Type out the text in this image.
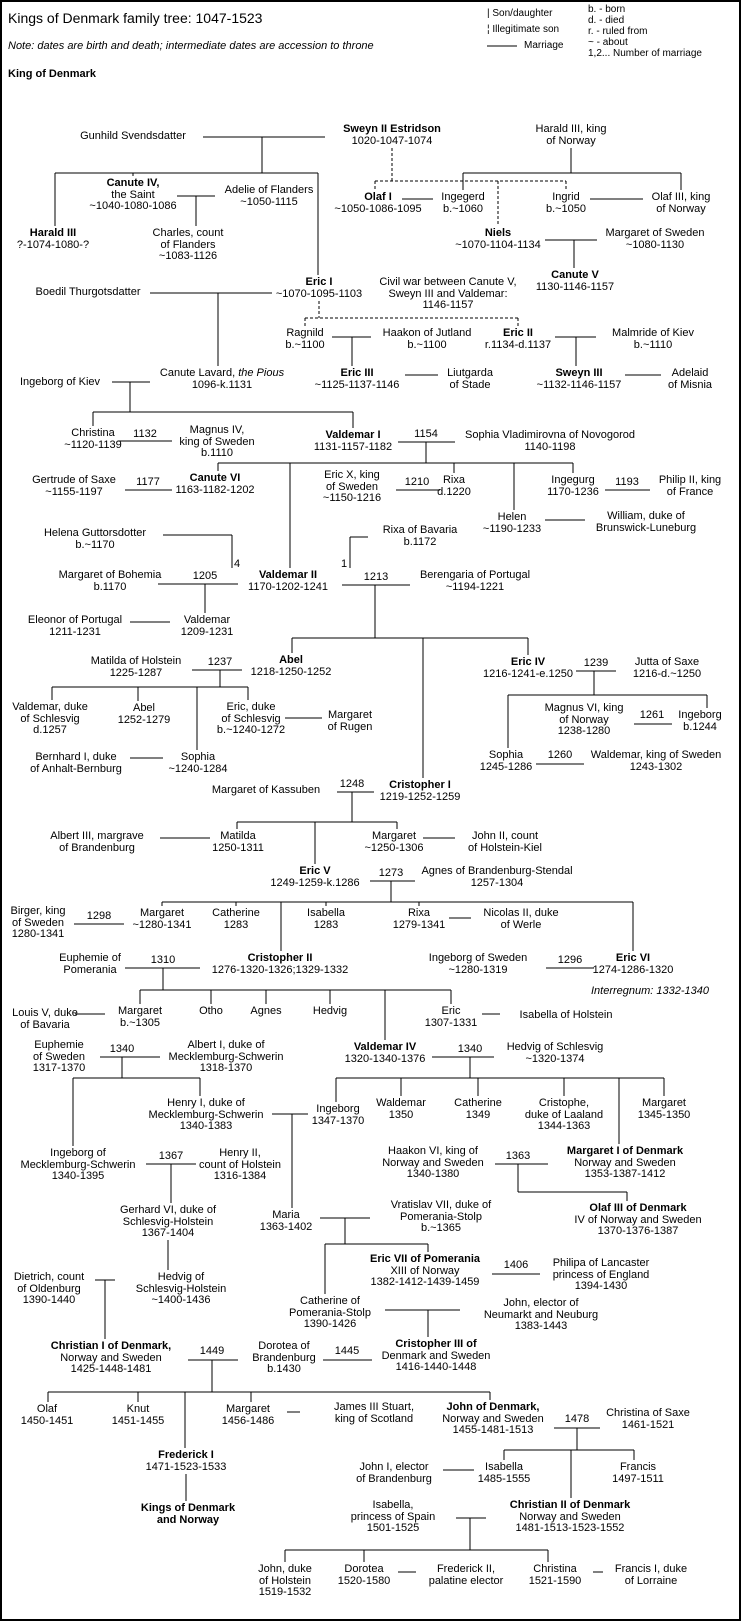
Kings of Denmark family tree: 1047-1523
Note: dates are birth and death; intermediate dates are accession to throne
King of Denmark
| Son/daughter
¦ Illegitimate son
Marriage
b. - born
d. - died
r. - ruled from
~ - about
1,2... Number of marriage
Gunhild Svendsdatter
Sweyn II Estridson
1020-1047-1074
Harald III, king
of Norway
Canute IV,
the Saint
~1040-1080-1086
Adelie of Flanders
~1050-1115	Olaf I
~1050-1086-1095
Ingegerd
b.~1060
Ingrid
b.~1050
Olaf III, king
of Norway
Harald III
?-1074-1080-?
Charles, count
of Flanders
~1083-1126
Niels
~1070-1104-1134
Margaret of Sweden
~1080-1130
Canute V
1130-1146-1157
Boedil Thurgotsdatter
Eric I
~1070-1095-1103
Civil war between Canute V,
Sweyn III and Valdemar:
1146-1157
Ragnild
b.~1100
Haakon of Jutland
b.~1100
Eric II
r.1134-d.1137
Malmride of Kiev
b.~1110
Canute Lavard, the Pious
1096-k.1131
Eric III
~1125-1137-1146
Liutgarda
of Stade
Sweyn III
~1132-1146-1157
Adelaid
of Misnia
Ingeborg of Kiev
Christina
~1120-1139
1132	Magnus IV,
king of Sweden
b.1110
Valdemar I
1131-1157-1182
1154 Sophia Vladimirovna of Novogorod
1140-1198
Gertrude of Saxe
~1155-1197
1177	Canute VI
1163-1182-1202
Eric X, king
of Sweden
~1150-1216
1210	Rixa
d.1220
Ingegurg
1170-1236
1193 Philip II, king
of France
Helen
~1190-1233
William, duke of
Brunswick-Luneburg
Helena Guttorsdotter
b.~1170
Rixa of Bavaria
b.1172
Margaret of Bohemia
b.1170
1205
4
Valdemar II
1170-1202-1241
1
1213	Berengaria of Portugal
~1194-1221
Eleonor of Portugal
1211-1231
Valdemar
1209-1231
Matilda of Holstein
1225-1287
1237	Abel
1218-1250-1252
Eric IV
1216-1241-e.1250
1239 Jutta of Saxe
1216-d.~1250
Valdemar, duke
of Schlesvig
d.1257
Abel
1252-1279
Eric, duke
of Schlesvig
b.~1240-1272
Margaret
of Rugen
Magnus VI, king
of Norway
1238-1280
1261 Ingeborg
b.1244
Bernhard I, duke
of Anhalt-Bernburg
Sophia
~1240-1284
Sophia
1245-1286
1260 Waldemar, king of Sweden
1243-1302
Margaret of Kassuben 1248	Cristopher I
1219-1252-1259
Albert III, margrave
of Brandenburg
Matilda
1250-1311
Margaret
~1250-1306
John II, count
of Holstein-Kiel
Eric V
1249-1259-k.1286
1273 Agnes of Brandenburg-Stendal
1257-1304
Birger, king
of Sweden
1280-1341
1298	Margaret
~1280-1341
Catherine
1283
Isabella
1283
Rixa
1279-1341
Nicolas II, duke
of Werle
Euphemie of
Pomerania
1310	Cristopher II
1276-1320-1326;1329-1332
Ingeborg of Sweden
~1280-1319
1296	Eric VI
1274-1286-1320
Interregnum: 1332-1340
Louis V, duke
of Bavaria
Margaret
b.~1305
Otho Agnes	Hedvig	Eric
1307-1331
Isabella of Holstein
Euphemie
of Sweden
1317-1370
1340	Albert I, duke of
Mecklemburg-Schwerin
1318-1370
Valdemar IV
1320-1340-1376
1340 Hedvig of Schlesvig
~1320-1374
Henry I, duke of
Mecklemburg-Schwerin
1340-1383
Ingeborg
1347-1370
Waldemar
1350
Catherine
1349
Cristophe,
duke of Laaland
1344-1363
Margaret
1345-1350
Ingeborg of
Mecklemburg-Schwerin
1340-1395
1367	Henry II,
count of Holstein
1316-1384
Haakon VI, king of
Norway and Sweden
1340-1380
1363	Margaret I of Denmark
Norway and Sweden
1353-1387-1412
Gerhard VI, duke of
Schlesvig-Holstein
1367-1404
Maria
1363-1402
Vratislav VII, duke of
Pomerania-Stolp
b.~1365
Olaf III of Denmark
IV of Norway and Sweden
1370-1376-1387
Dietrich, count
of Oldenburg
1390-1440
Hedvig of
Schlesvig-Holstein
~1400-1436
Eric VII of Pomerania
XIII of Norway
1382-1412-1439-1459
1406 Philipa of Lancaster
princess of England
1394-1430
Catherine of
Pomerania-Stolp
1390-1426
John, elector of
Neumarkt and Neuburg
1383-1443
Christian I of Denmark,
Norway and Sweden
1425-1448-1481
1449	Dorotea of
Brandenburg
b.1430
1445
Cristopher III of
Denmark and Sweden
1416-1440-1448
Olaf
1450-1451
Knut
1451-1455
Margaret
1456-1486
James III Stuart,
king of Scotland
John of Denmark,
Norway and Sweden
1455-1481-1513
1478 Christina of Saxe
1461-1521
Frederick I
1471-1523-1533	John I, elector
of Brandenburg
Isabella
1485-1555
Francis
1497-1511
Kings of Denmark
and Norway
Isabella,
princess of Spain
1501-1525
Christian II of Denmark
Norway and Sweden
1481-1513-1523-1552
John, duke
of Holstein
1519-1532
Dorotea
1520-1580
Frederick II,
palatine elector
Christina
1521-1590
Francis I, duke
of Lorraine
